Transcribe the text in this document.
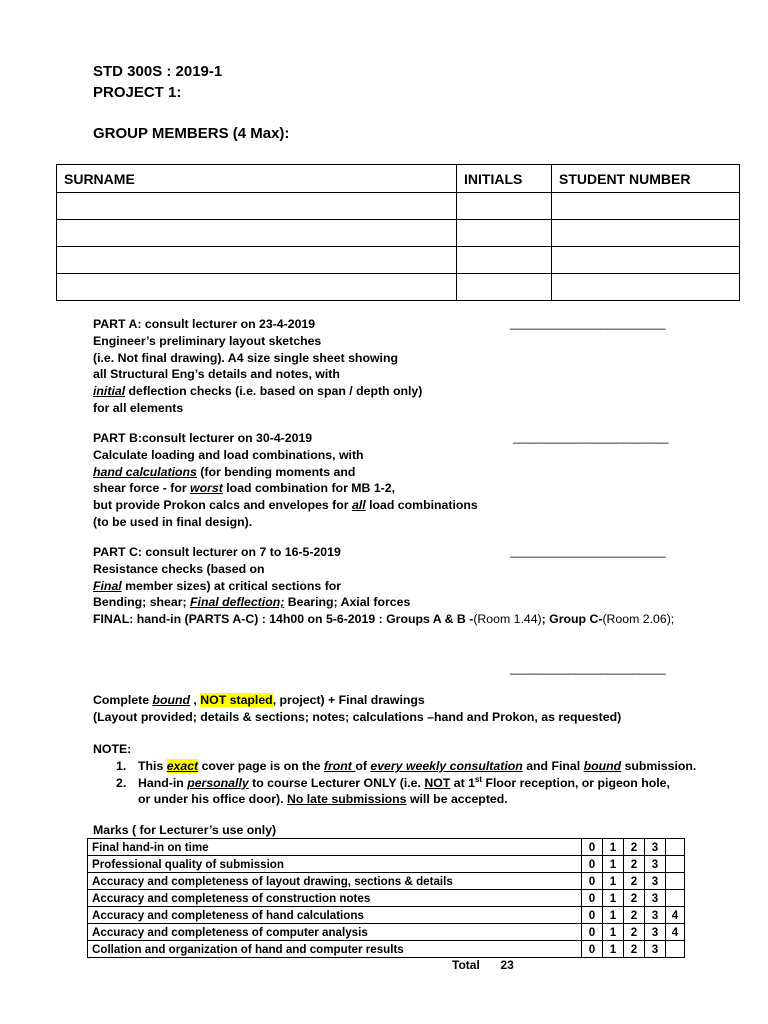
STD 300S : 2019-1
PROJECT 1:
GROUP MEMBERS (4 Max):
SURNAME	INITIALS	STUDENT NUMBER

PART A: consult lecturer on 23-4-2019
Engineer’s preliminary layout sketches
(i.e. Not final drawing). A4 size single sheet showing
all Structural Eng’s details and notes, with
initial deflection checks (i.e. based on span / depth only)
for all elements
________________________
PART B:consult lecturer on 30-4-2019
Calculate loading and load combinations, with
hand calculations (for bending moments and
shear force - for worst load combination for MB 1-2,
but provide Prokon calcs and envelopes for all load combinations
(to be used in final design).
________________________
PART C: consult lecturer on 7 to 16-5-2019
Resistance checks (based on
Final member sizes) at critical sections for
Bending; shear; Final deflection; Bearing; Axial forces
FINAL: hand-in (PARTS A-C) : 14h00 on 5-6-2019 : Groups A & B -(Room 1.44); Group C-(Room 2.06);
________________________
________________________
Complete bound , NOT stapled, project) + Final drawings
(Layout provided; details & sections; notes; calculations –hand and Prokon, as requested)
NOTE:
1. This exact cover page is on the front of every weekly consultation and Final bound submission.
2. Hand-in personally to course Lecturer ONLY (i.e. NOT at 1st Floor reception, or pigeon hole,
or under his office door). No late submissions will be accepted.
Marks ( for Lecturer’s use only)
Final hand-in on time	0	1	2	3	
Professional quality of submission	0	1	2	3	
Accuracy and completeness of layout drawing, sections & details	0	1	2	3	
Accuracy and completeness of construction notes	0	1	2	3	
Accuracy and completeness of hand calculations	0	1	2	3	4
Accuracy and completeness of computer analysis	0	1	2	3	4
Collation and organization of hand and computer results	0	1	2	3	
Total 23
